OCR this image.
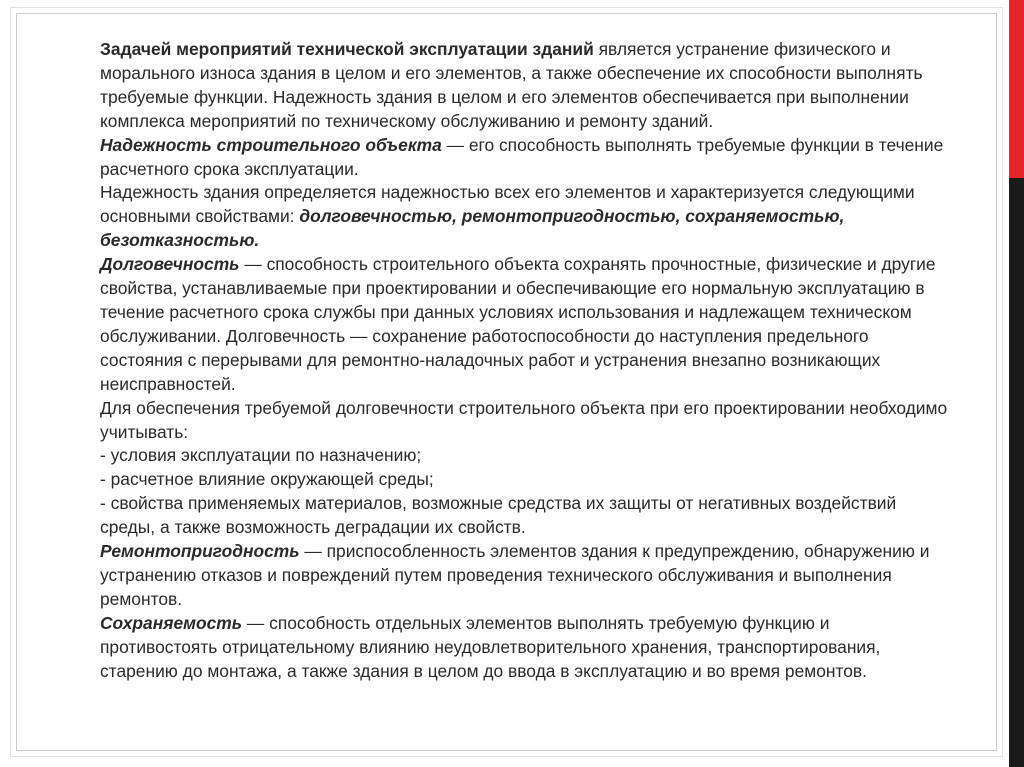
Задачей мероприятий технической эксплуатации зданий является устранение физического и морального износа здания в целом и его элементов, а также обеспечение их способности выполнять требуемые функции. Надежность здания в целом и его элементов обеспечивается при выполнении комплекса мероприятий по техническому обслуживанию и ремонту зданий.

Надежность строительного объекта — его способность выполнять требуемые функции в течение расчетного срока эксплуатации.

Надежность здания определяется надежностью всех его элементов и характеризуется следующими основными свойствами: долговечностью, ремонтопригодностью, сохраняемостью, безотказностью.

Долговечность — способность строительного объекта сохранять прочностные, физические и другие свойства, устанавливаемые при проектировании и обеспечивающие его нормальную эксплуатацию в течение расчетного срока службы при данных условиях использования и надлежащем техническом обслуживании. Долговечность — сохранение работоспособности до наступления предельного состояния с перерывами для ремонтно-наладочных работ и устранения внезапно возникающих неисправностей.

Для обеспечения требуемой долговечности строительного объекта при его проектировании необходимо учитывать:

- условия эксплуатации по назначению;

- расчетное влияние окружающей среды;

- свойства применяемых материалов, возможные средства их защиты от негативных воздействий среды, а также возможность деградации их свойств.

Ремонтопригодность — приспособленность элементов здания к предупреждению, обнаружению и устранению отказов и повреждений путем проведения технического обслуживания и выполнения ремонтов.

Сохраняемость — способность отдельных элементов выполнять требуемую функцию и противостоять отрицательному влиянию неудовлетворительного хранения, транспортирования, старению до монтажа, а также здания в целом до ввода в эксплуатацию и во время ремонтов.
